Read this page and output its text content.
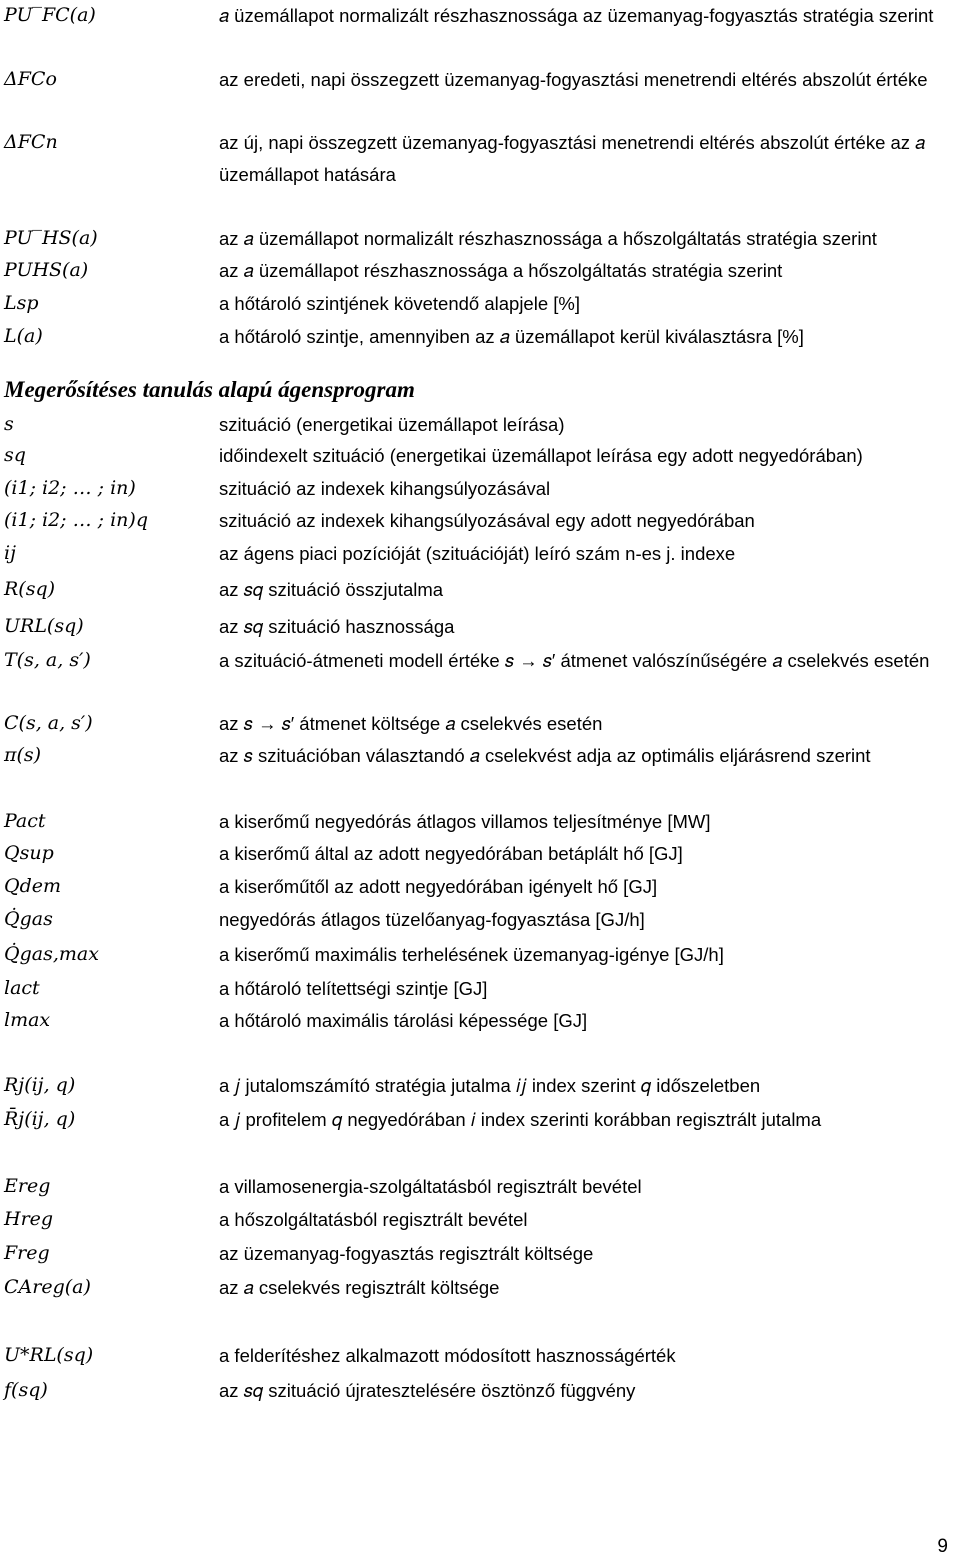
PU‾FC(a)	𝑎 üzemállapot normalizált részhasznossága az üzemanyag-fogyasztás stratégia szerint
ΔFCo	az eredeti, napi összegzett üzemanyag-fogyasztási menetrendi eltérés abszolút értéke
ΔFCn	az új, napi összegzett üzemanyag-fogyasztási menetrendi eltérés abszolút értéke az 𝑎 üzemállapot hatására
PU‾HS(a)	az 𝑎 üzemállapot normalizált részhasznossága a hőszolgáltatás stratégia szerint
PUHS(a)	az 𝑎 üzemállapot részhasznossága a hőszolgáltatás stratégia szerint
Lsp	a hőtároló szintjének követendő alapjele [%]
L(a)	a hőtároló szintje, amennyiben az 𝑎 üzemállapot kerül kiválasztásra [%]
Megerősítéses tanulás alapú ágensprogram
s	szituáció (energetikai üzemállapot leírása)
sq	időindexelt szituáció (energetikai üzemállapot leírása egy adott negyedórában)
(i1; i2; … ; in)	szituáció az indexek kihangsúlyozásával
(i1; i2; … ; in)q	szituáció az indexek kihangsúlyozásával egy adott negyedórában
ij	az ágens piaci pozícióját (szituációját) leíró szám n-es j. indexe
R(sq)	az 𝑠𝑞 szituáció összjutalma
URL(sq)	az 𝑠𝑞 szituáció hasznossága
T(s, a, s′)	a szituáció-átmeneti modell értéke 𝑠 → 𝑠′ átmenet valószínűségére 𝑎 cselekvés esetén
C(s, a, s′)	az 𝑠 → 𝑠′ átmenet költsége 𝑎 cselekvés esetén
π(s)	az 𝑠 szituációban választandó 𝑎 cselekvést adja az optimális eljárásrend szerint
Pact	a kiserőmű negyedórás átlagos villamos teljesítménye [MW]
Qsup	a kiserőmű által az adott negyedórában betáplált hő [GJ]
Qdem	a kiserőműtől az adott negyedórában igényelt hő [GJ]
Q̇gas	negyedórás átlagos tüzelőanyag-fogyasztása [GJ/h]
Q̇gas,max	a kiserőmű maximális terhelésének üzemanyag-igénye [GJ/h]
lact	a hőtároló telítettségi szintje [GJ]
lmax	a hőtároló maximális tárolási képessége [GJ]
Rj(ij, q)	a 𝑗 jutalomszámító stratégia jutalma 𝑖𝑗 index szerint 𝑞 időszeletben
R̄j(ij, q)	a 𝑗 profitelem 𝑞 negyedórában 𝑖 index szerinti korábban regisztrált jutalma
Ereg	a villamosenergia-szolgáltatásból regisztrált bevétel
Hreg	a hőszolgáltatásból regisztrált bevétel
Freg	az üzemanyag-fogyasztás regisztrált költsége
CAreg(a)	az 𝑎 cselekvés regisztrált költsége
U*RL(sq)	a felderítéshez alkalmazott módosított hasznosságérték
f(sq)	az 𝑠𝑞 szituáció újratesztelésére ösztönző függvény
9
